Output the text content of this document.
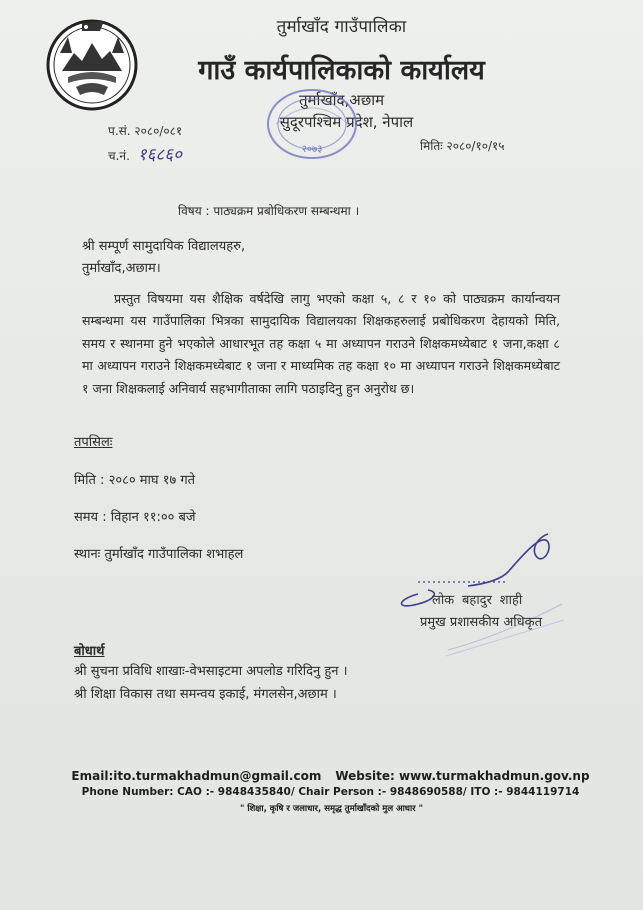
तुर्माखाँद गाउँपालिका
गाउँ कार्यपालिकाको कार्यालय
तुर्माखाँद,अछाम
सुदूरपश्चिम प्रदेश, नेपाल
२०७३
प.सं. २०८०/०८१
च.नं. १६८६०	मितिः २०८०/१०/१५
विषय : पाठ्यक्रम प्रबोधिकरण सम्बन्धमा ।
श्री सम्पूर्ण सामुदायिक विद्यालयहरु,
तुर्माखाँद,अछाम।
प्रस्तुत विषयमा यस शैक्षिक वर्षदेखि लागु भएको कक्षा ५, ८ र १० को पाठ्यक्रम कार्यान्वयन सम्बन्धमा यस गाउँपालिका भित्रका सामुदायिक विद्यालयका शिक्षकहरुलाई प्रबोधिकरण देहायको मिति, समय र स्थानमा हुने भएकोले आधारभूत तह कक्षा ५ मा अध्यापन गराउने शिक्षकमध्येबाट १ जना,कक्षा ८ मा अध्यापन गराउने शिक्षकमध्येबाट १ जना र माध्यमिक तह कक्षा १० मा अध्यापन गराउने शिक्षकमध्येबाट १ जना शिक्षकलाई अनिवार्य सहभागीताका लागि पठाइदिनु हुन अनुरोध छ।
तपसिलः
मिति : २०८० माघ १७ गते
समय : विहान ११:०० बजे
स्थानः तुर्माखाँद गाउँपालिका शभाहल
लोक बहादुर शाही
प्रमुख प्रशासकीय अधिकृत
बोधार्थ
श्री सुचना प्रविधि शाखाः-वेभसाइटमा अपलोड गरिदिनु हुन ।
श्री शिक्षा विकास तथा समन्वय इकाई, मंगलसेन,अछाम ।
Email:ito.turmakhadmun@gmail.com Website: www.turmakhadmun.gov.np
Phone Number: CAO :- 9848435840/ Chair Person :- 9848690588/ ITO :- 9844119714
" शिक्षा, कृषि र जलाधार, समृद्ध तुर्माखाँदको मुल आधार "
